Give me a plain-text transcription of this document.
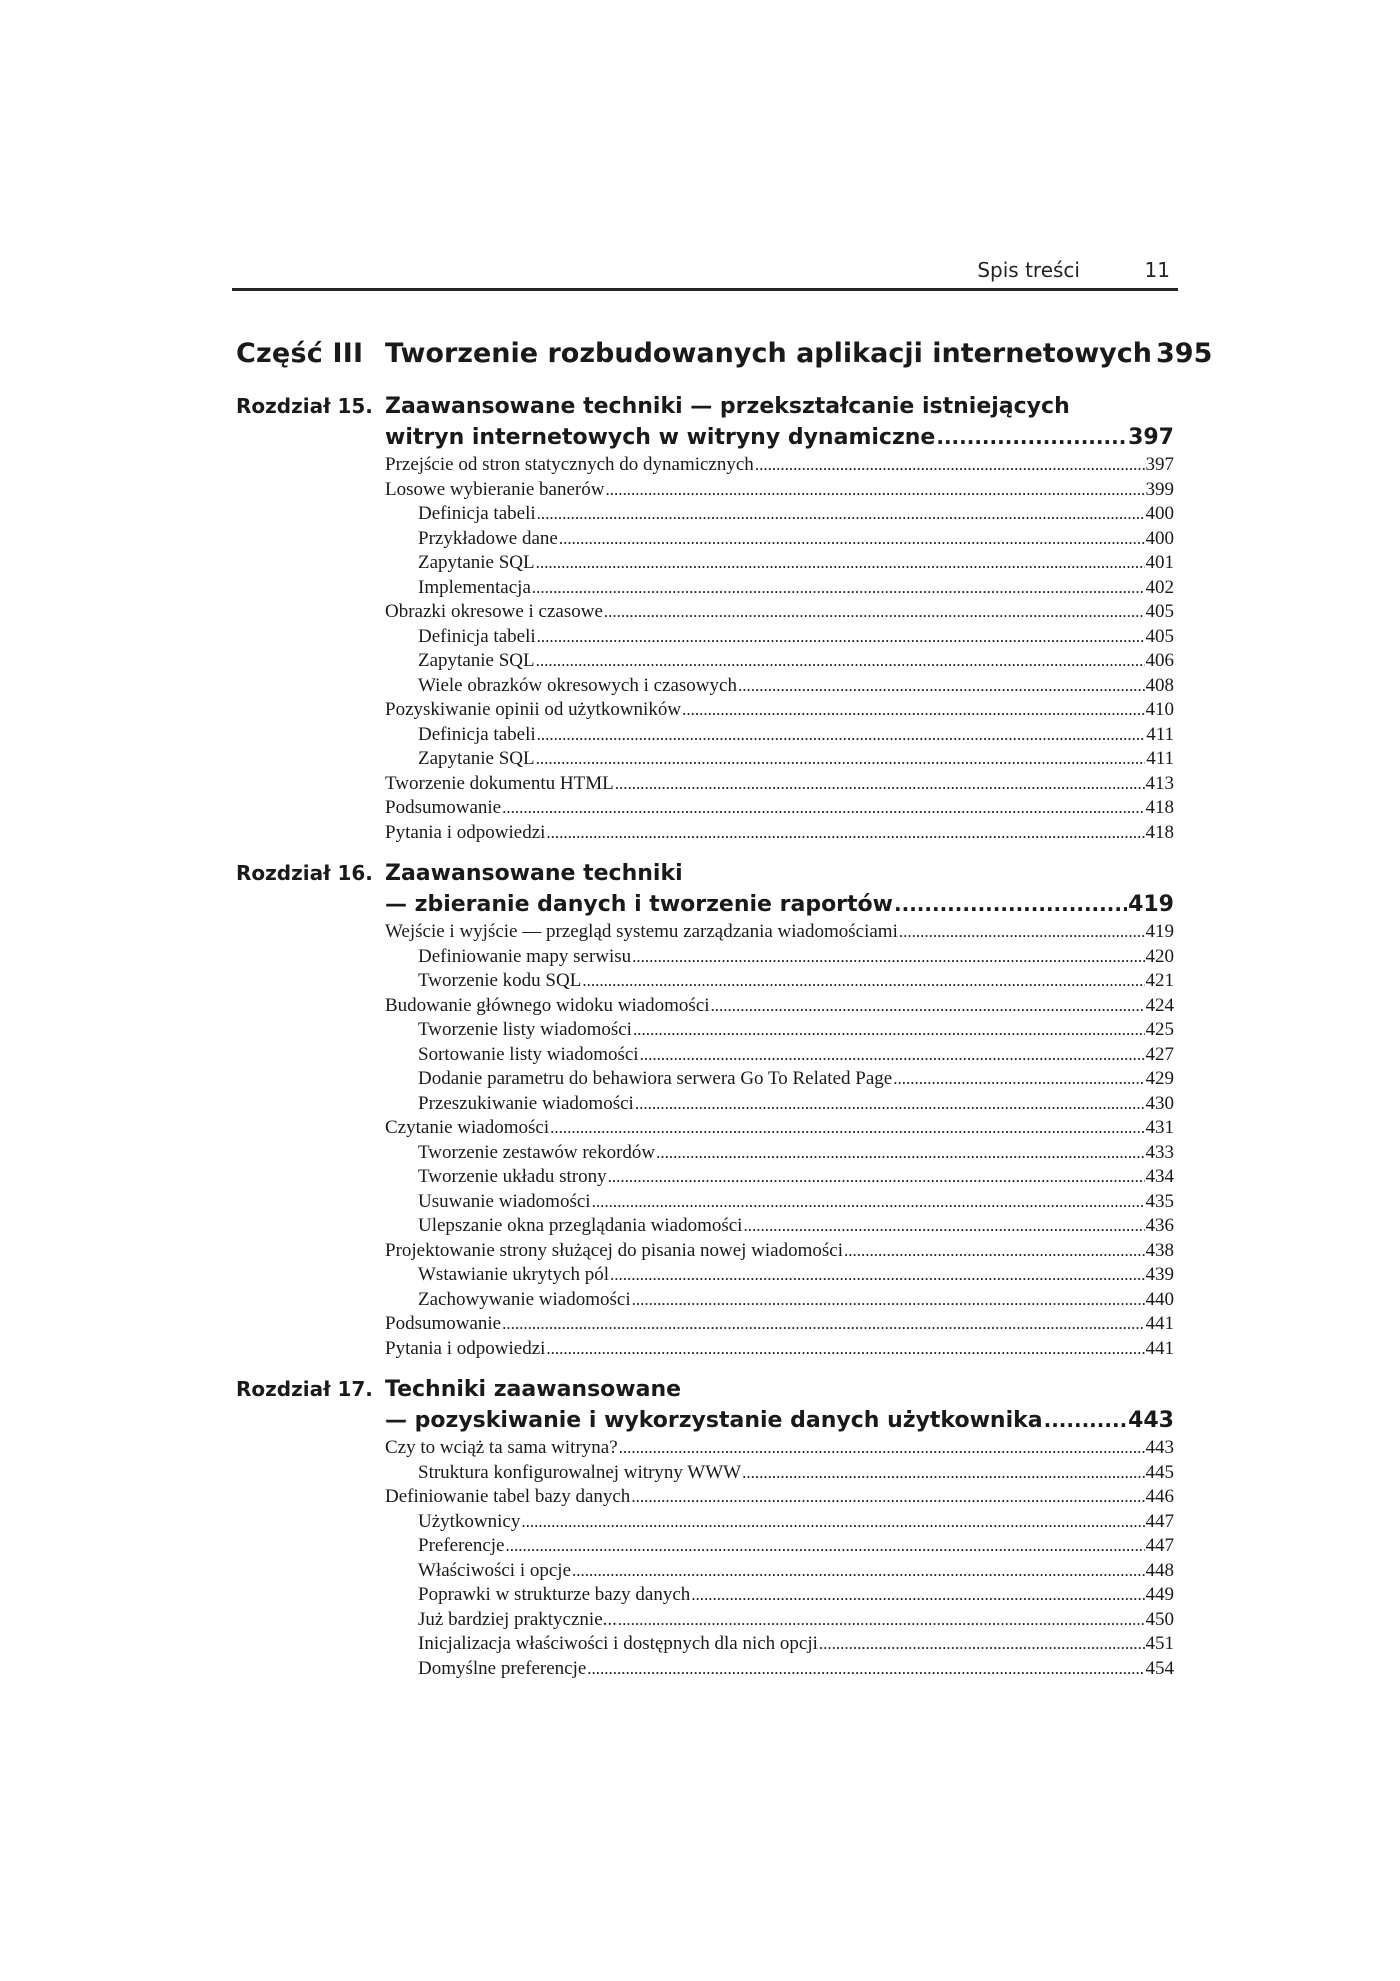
Spis treści	11
Część III Tworzenie rozbudowanych aplikacji internetowych 395
Rozdział 15. Zaawansowane techniki — przekształcanie istniejących
witryn internetowych w witryny dynamiczne .....	397
Przejście od stron statycznych do dynamicznych .....	397
Losowe wybieranie banerów .....	399
Definicja tabeli .....	400
Przykładowe dane .....	400
Zapytanie SQL .....	401
Implementacja .....	402
Obrazki okresowe i czasowe .....	405
Definicja tabeli .....	405
Zapytanie SQL .....	406
Wiele obrazków okresowych i czasowych .....	408
Pozyskiwanie opinii od użytkowników .....	410
Definicja tabeli .....	411
Zapytanie SQL .....	411
Tworzenie dokumentu HTML .....	413
Podsumowanie .....	418
Pytania i odpowiedzi .....	418
Rozdział 16. Zaawansowane techniki
— zbieranie danych i tworzenie raportów .....	419
Wejście i wyjście — przegląd systemu zarządzania wiadomościami .....	419
Definiowanie mapy serwisu .....	420
Tworzenie kodu SQL .....	421
Budowanie głównego widoku wiadomości .....	424
Tworzenie listy wiadomości .....	425
Sortowanie listy wiadomości .....	427
Dodanie parametru do behawiora serwera Go To Related Page .....	429
Przeszukiwanie wiadomości .....	430
Czytanie wiadomości .....	431
Tworzenie zestawów rekordów .....	433
Tworzenie układu strony .....	434
Usuwanie wiadomości .....	435
Ulepszanie okna przeglądania wiadomości .....	436
Projektowanie strony służącej do pisania nowej wiadomości .....	438
Wstawianie ukrytych pól .....	439
Zachowywanie wiadomości .....	440
Podsumowanie .....	441
Pytania i odpowiedzi .....	441
Rozdział 17. Techniki zaawansowane
— pozyskiwanie i wykorzystanie danych użytkownika .....	443
Czy to wciąż ta sama witryna? .....	443
Struktura konfigurowalnej witryny WWW .....	445
Definiowanie tabel bazy danych .....	446
Użytkownicy .....	447
Preferencje .....	447
Właściwości i opcje .....	448
Poprawki w strukturze bazy danych .....	449
Już bardziej praktycznie... .....	450
Inicjalizacja właściwości i dostępnych dla nich opcji .....	451
Domyślne preferencje .....	454
